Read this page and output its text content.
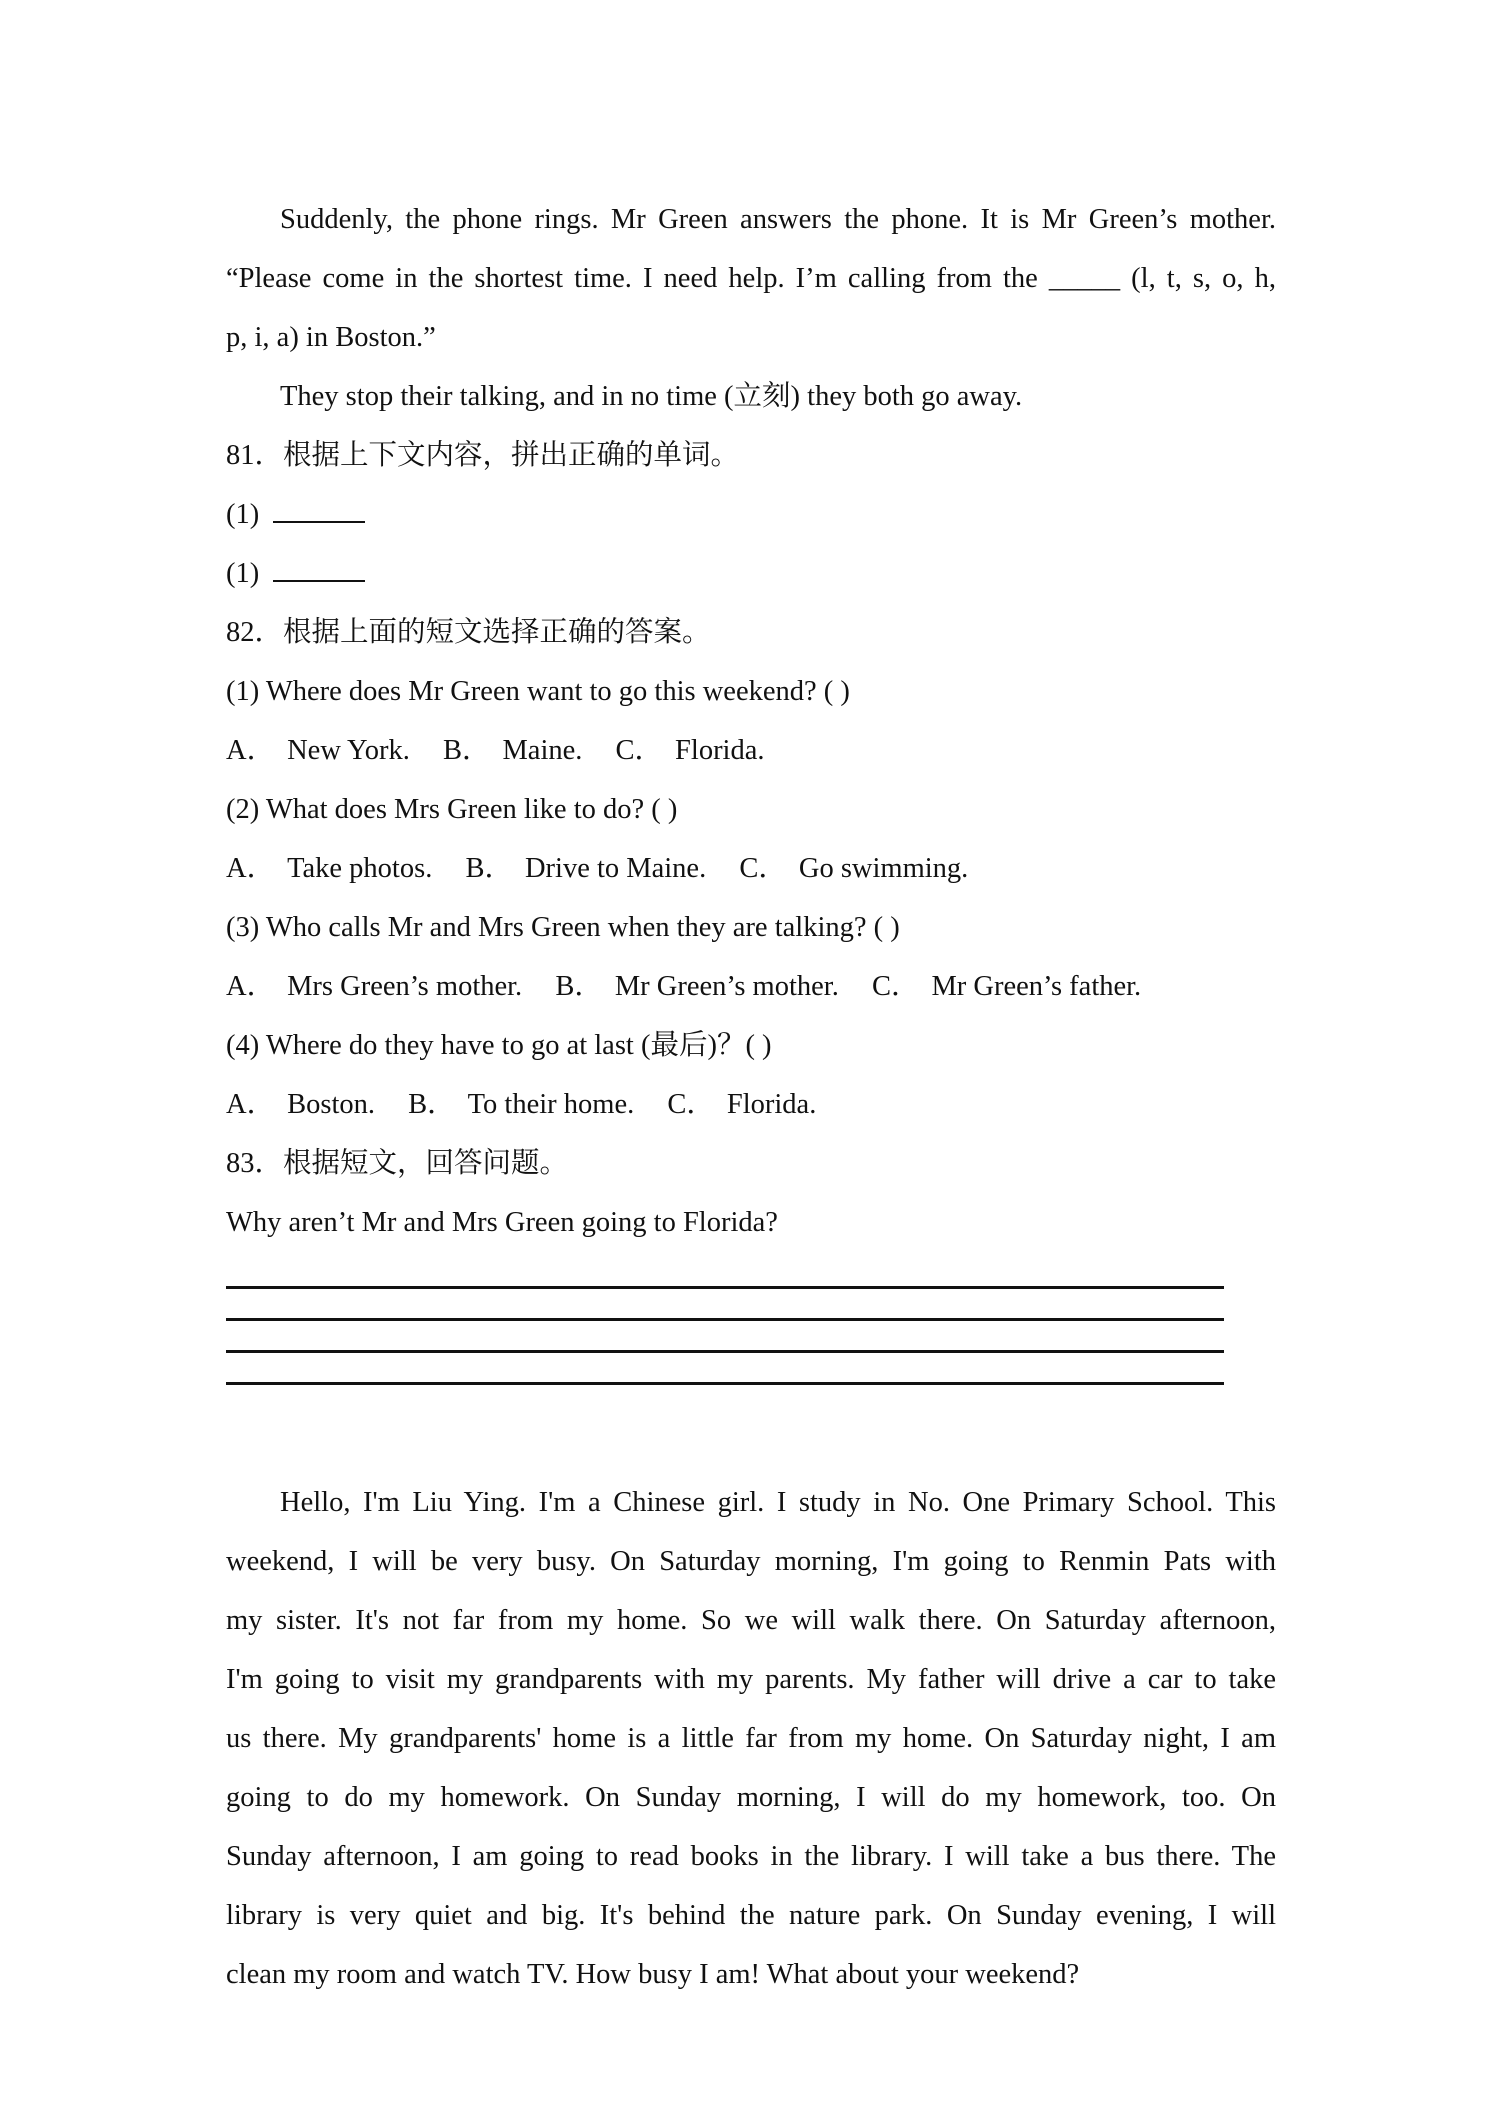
Suddenly, the phone rings. Mr Green answers the phone. It is Mr Green’s mother.
“Please come in the shortest time. I need help. I’m calling from the _____ (l, t, s, o, h,
p, i, a) in Boston.”
They stop their talking, and in no time (立刻) they both go away.
81．根据上下文内容，拼出正确的单词。
(1)
(1)
82．根据上面的短文选择正确的答案。
(1) Where does Mr Green want to go this weekend? ( )
A． New York. B． Maine. C． Florida.
(2) What does Mrs Green like to do? ( )
A． Take photos. B． Drive to Maine. C． Go swimming.
(3) Who calls Mr and Mrs Green when they are talking? ( )
A． Mrs Green’s mother. B． Mr Green’s mother. C． Mr Green’s father.
(4) Where do they have to go at last (最后)？( )
A． Boston. B． To their home. C． Florida.
83．根据短文，回答问题。
Why aren’t Mr and Mrs Green going to Florida?
Hello, I'm Liu Ying. I'm a Chinese girl. I study in No. One Primary School. This
weekend, I will be very busy. On Saturday morning, I'm going to Renmin Pats with
my sister. It's not far from my home. So we will walk there. On Saturday afternoon,
I'm going to visit my grandparents with my parents. My father will drive a car to take
us there. My grandparents' home is a little far from my home. On Saturday night, I am
going to do my homework. On Sunday morning, I will do my homework, too. On
Sunday afternoon, I am going to read books in the library. I will take a bus there. The
library is very quiet and big. It's behind the nature park. On Sunday evening, I will
clean my room and watch TV. How busy I am! What about your weekend?
